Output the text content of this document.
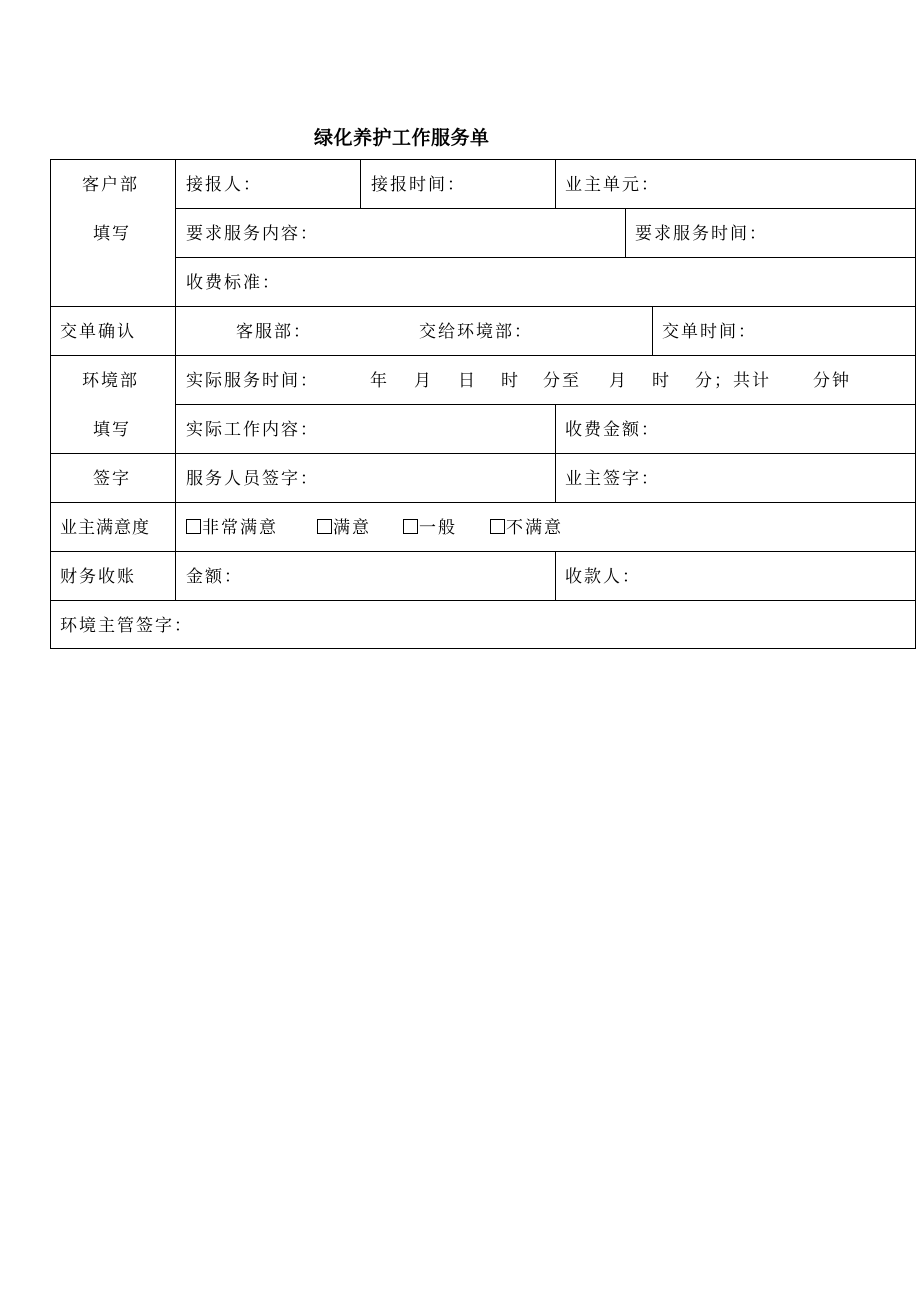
绿化养护工作服务单
客户部
填写
接报人：	接报时间：	业主单元：
要求服务内容：	要求服务时间：
收费标准：
交单确认	客服部：	交给环境部：	交单时间：
环境部
填写
实际服务时间：	年 月 日 时 分至 月 时 分；共计 分钟
实际工作内容：	收费金额：
签字	服务人员签字：	业主签字：
业主满意度	非常满意	满意	一般	不满意
财务收账	金额：	收款人：
环境主管签字：
